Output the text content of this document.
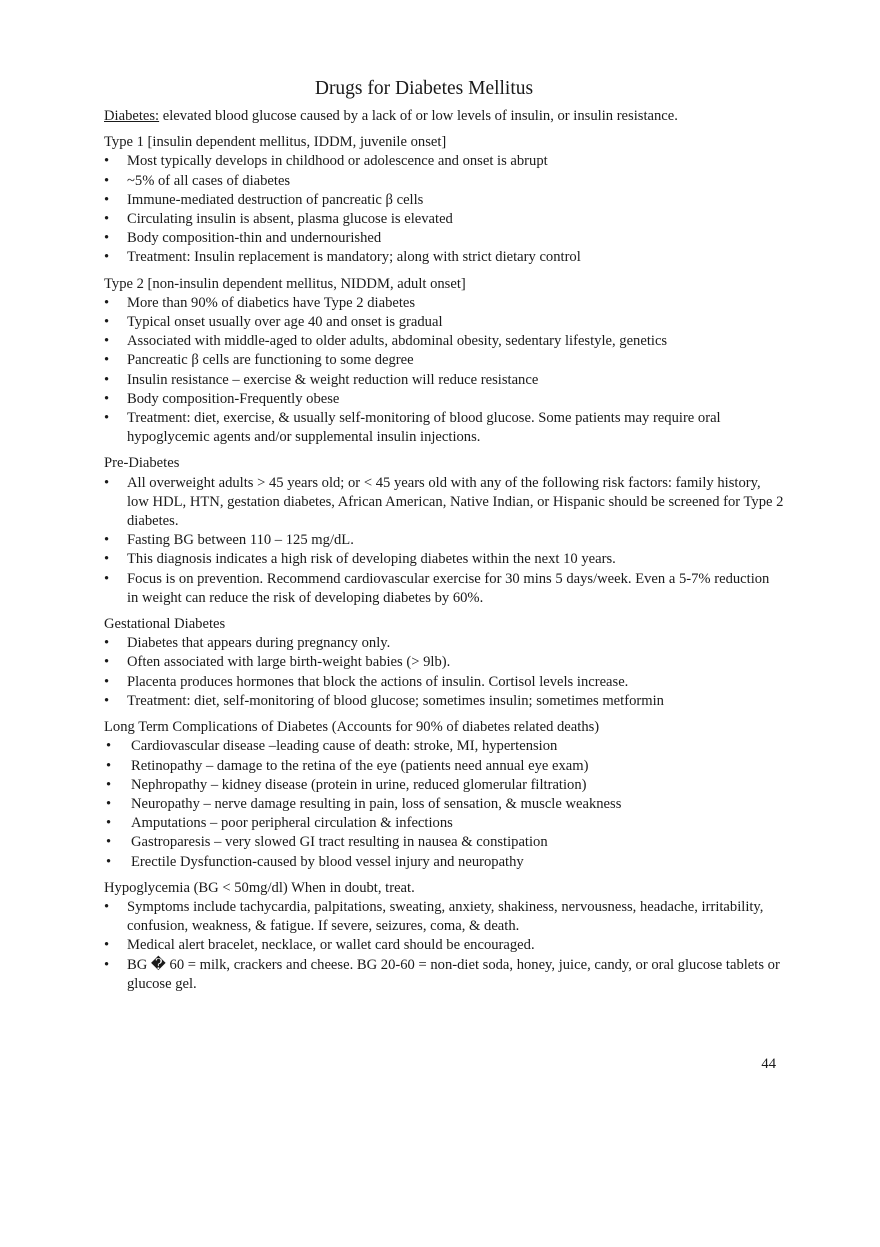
Drugs for Diabetes Mellitus

Diabetes: elevated blood glucose caused by a lack of or low levels of insulin, or insulin resistance.

Type 1 [insulin dependent mellitus, IDDM, juvenile onset]

• Most typically develops in childhood or adolescence and onset is abrupt
• ~5% of all cases of diabetes
• Immune-mediated destruction of pancreatic β cells
• Circulating insulin is absent, plasma glucose is elevated
• Body composition-thin and undernourished
• Treatment: Insulin replacement is mandatory; along with strict dietary control

Type 2 [non-insulin dependent mellitus, NIDDM, adult onset]

• More than 90% of diabetics have Type 2 diabetes
• Typical onset usually over age 40 and onset is gradual
• Associated with middle-aged to older adults, abdominal obesity, sedentary lifestyle, genetics
• Pancreatic β cells are functioning to some degree
• Insulin resistance – exercise & weight reduction will reduce resistance
• Body composition-Frequently obese
• Treatment: diet, exercise, & usually self-monitoring of blood glucose. Some patients may require oral hypoglycemic agents and/or supplemental insulin injections.

Pre-Diabetes

• All overweight adults > 45 years old; or < 45 years old with any of the following risk factors: family history, low HDL, HTN, gestation diabetes, African American, Native Indian, or Hispanic should be screened for Type 2 diabetes.
• Fasting BG between 110 – 125 mg/dL.
• This diagnosis indicates a high risk of developing diabetes within the next 10 years.
• Focus is on prevention. Recommend cardiovascular exercise for 30 mins 5 days/week. Even a 5-7% reduction in weight can reduce the risk of developing diabetes by 60%.

Gestational Diabetes

• Diabetes that appears during pregnancy only.
• Often associated with large birth-weight babies (> 9lb).
• Placenta produces hormones that block the actions of insulin. Cortisol levels increase.
• Treatment: diet, self-monitoring of blood glucose; sometimes insulin; sometimes metformin

Long Term Complications of Diabetes (Accounts for 90% of diabetes related deaths)

• Cardiovascular disease –leading cause of death: stroke, MI, hypertension
• Retinopathy – damage to the retina of the eye (patients need annual eye exam)
• Nephropathy – kidney disease (protein in urine, reduced glomerular filtration)
• Neuropathy – nerve damage resulting in pain, loss of sensation, & muscle weakness
• Amputations – poor peripheral circulation & infections
• Gastroparesis – very slowed GI tract resulting in nausea & constipation
• Erectile Dysfunction-caused by blood vessel injury and neuropathy

Hypoglycemia (BG < 50mg/dl) When in doubt, treat.

• Symptoms include tachycardia, palpitations, sweating, anxiety, shakiness, nervousness, headache, irritability, confusion, weakness, & fatigue. If severe, seizures, coma, & death.
• Medical alert bracelet, necklace, or wallet card should be encouraged.
• BG � 60 = milk, crackers and cheese. BG 20-60 = non-diet soda, honey, juice, candy, or oral glucose tablets or glucose gel.
44
